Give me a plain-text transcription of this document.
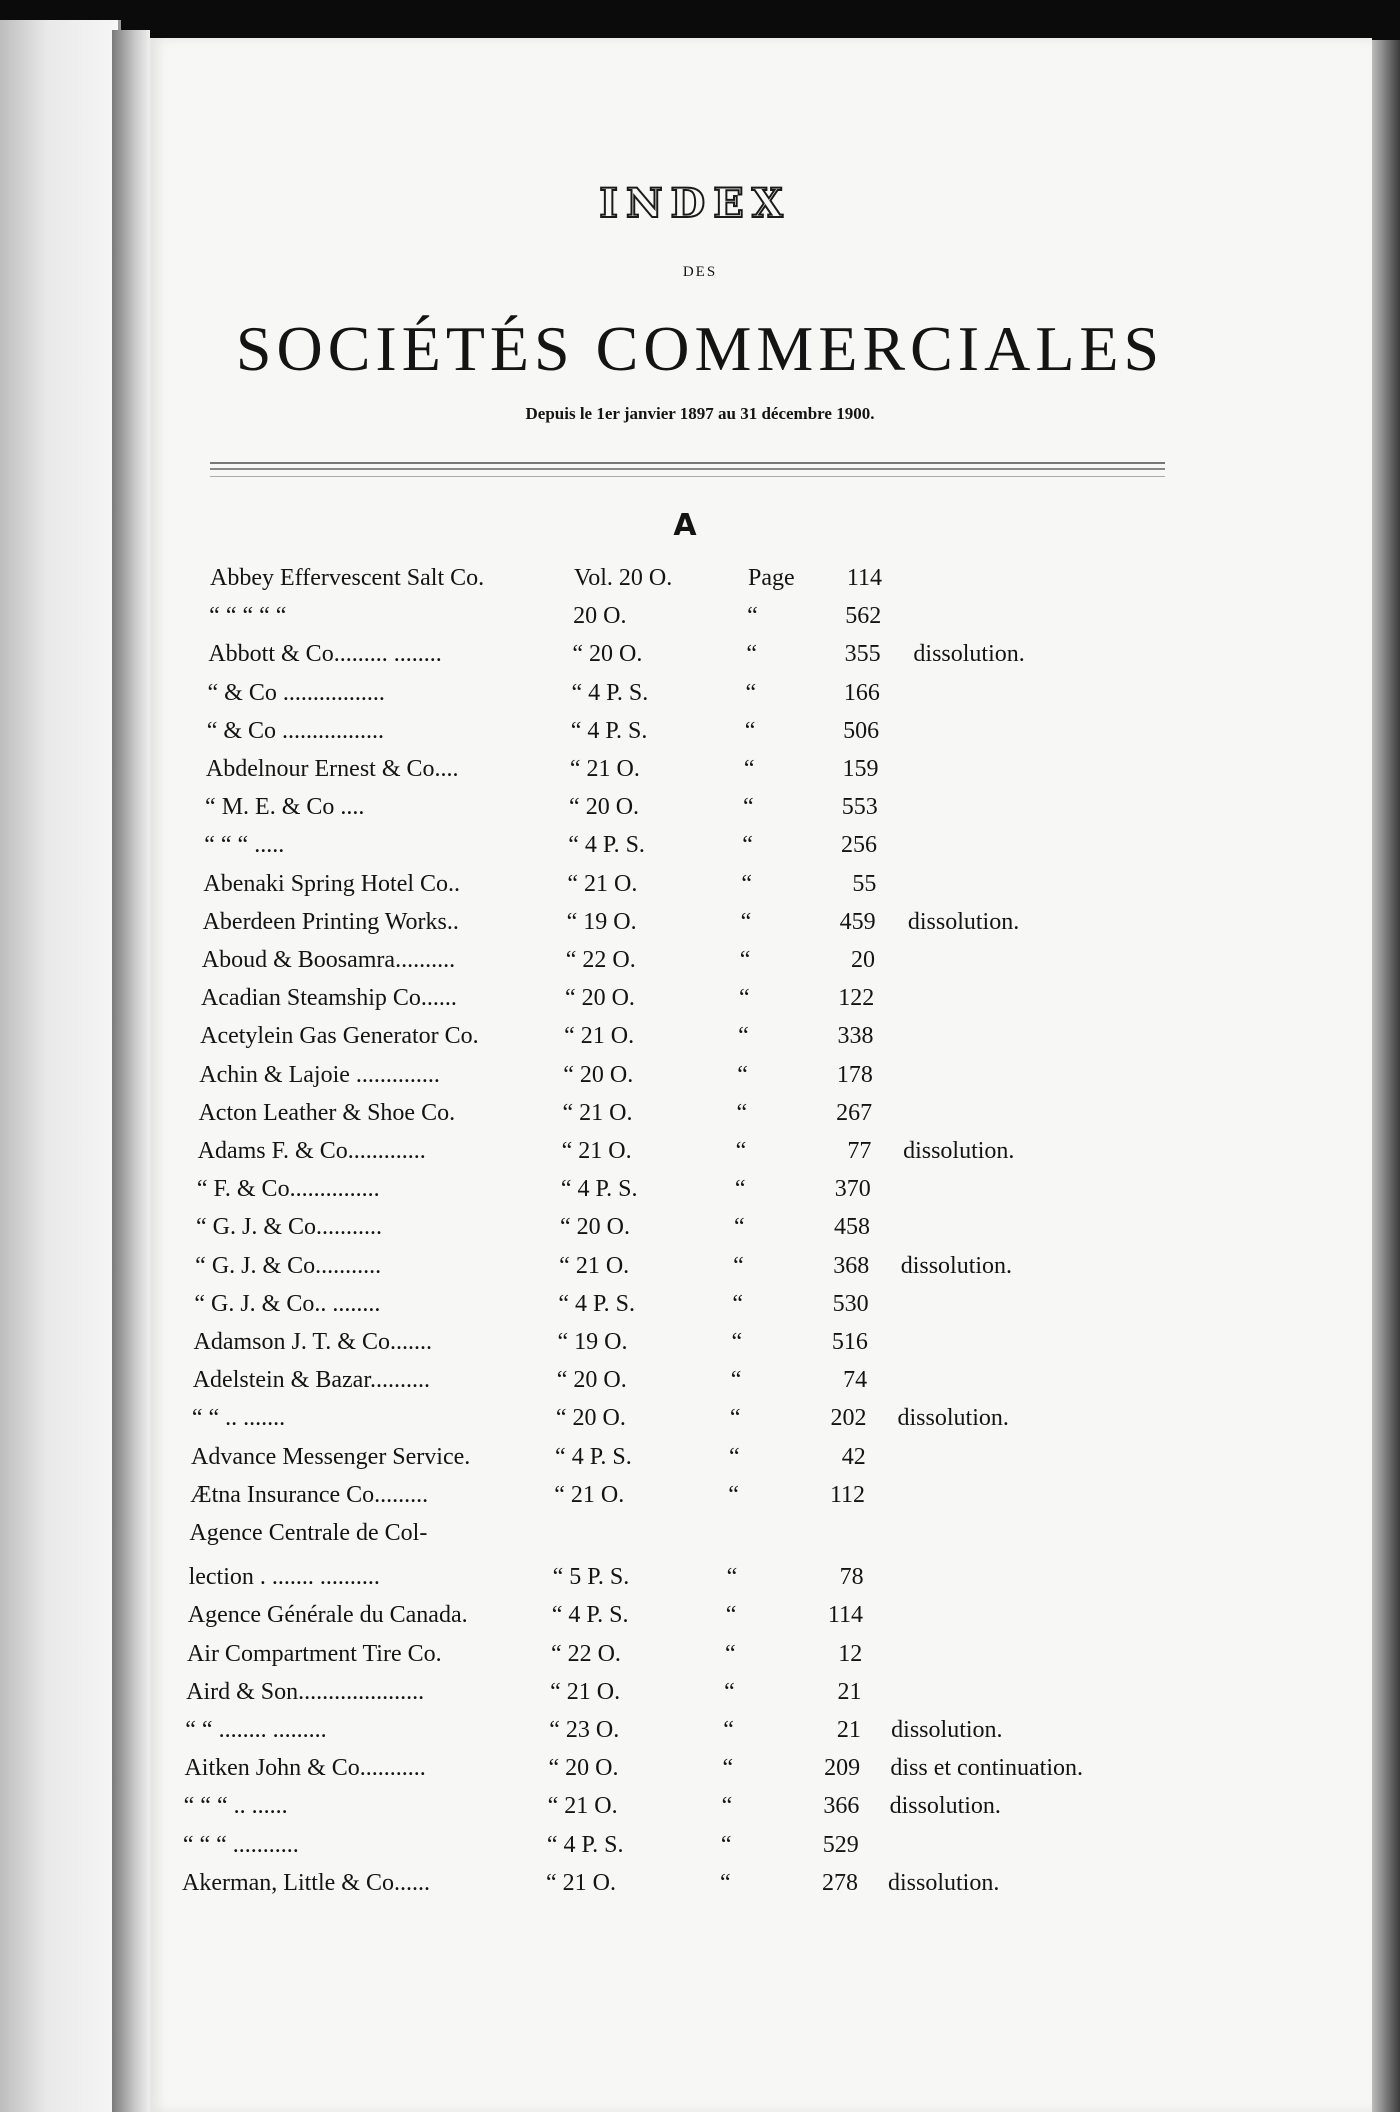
INDEX
DES
SOCIÉTÉS COMMERCIALES
Depuis le 1er janvier 1897 au 31 décembre 1900.
A
Abbey Effervescent Salt Co.	Vol. 20 O.	Page	114
“ “ “ “ “	20 O.	“	562
Abbott & Co......... ........	“ 20 O.	“	355 dissolution.
“ & Co .................	“ 4 P. S.	“	166
“ & Co .................	“ 4 P. S.	“	506
Abdelnour Ernest & Co....	“ 21 O.	“	159
“ M. E. & Co ....	“ 20 O.	“	553
“ “ “ .....	“ 4 P. S.	“	256
Abenaki Spring Hotel Co..	“ 21 O.	“	55
Aberdeen Printing Works..	“ 19 O.	“	459 dissolution.
Aboud & Boosamra..........	“ 22 O.	“	20
Acadian Steamship Co......	“ 20 O.	“	122
Acetylein Gas Generator Co.	“ 21 O.	“	338
Achin & Lajoie ..............	“ 20 O.	“	178
Acton Leather & Shoe Co.	“ 21 O.	“	267
Adams F. & Co.............	“ 21 O.	“	77 dissolution.
“ F. & Co...............	“ 4 P. S.	“	370
“ G. J. & Co...........	“ 20 O.	“	458
“ G. J. & Co...........	“ 21 O.	“	368 dissolution.
“ G. J. & Co.. ........	“ 4 P. S.	“	530
Adamson J. T. & Co.......	“ 19 O.	“	516
Adelstein & Bazar..........	“ 20 O.	“	74
“ “ .. .......	“ 20 O.	“	202 dissolution.
Advance Messenger Service.	“ 4 P. S.	“	42
Ætna Insurance Co.........	“ 21 O.	“	112
Agence Centrale de Col-
lection . ....... ..........	“ 5 P. S.	“	78
Agence Générale du Canada.	“ 4 P. S.	“	114
Air Compartment Tire Co.	“ 22 O.	“	12
Aird & Son.....................	“ 21 O.	“	21
“ “ ........ .........	“ 23 O.	“	21 dissolution.
Aitken John & Co...........	“ 20 O.	“	209 diss et continuation.
“ “ “ .. ......	“ 21 O.	“	366 dissolution.
“ “ “ ...........	“ 4 P. S.	“	529
Akerman, Little & Co......	“ 21 O.	“	278 dissolution.
